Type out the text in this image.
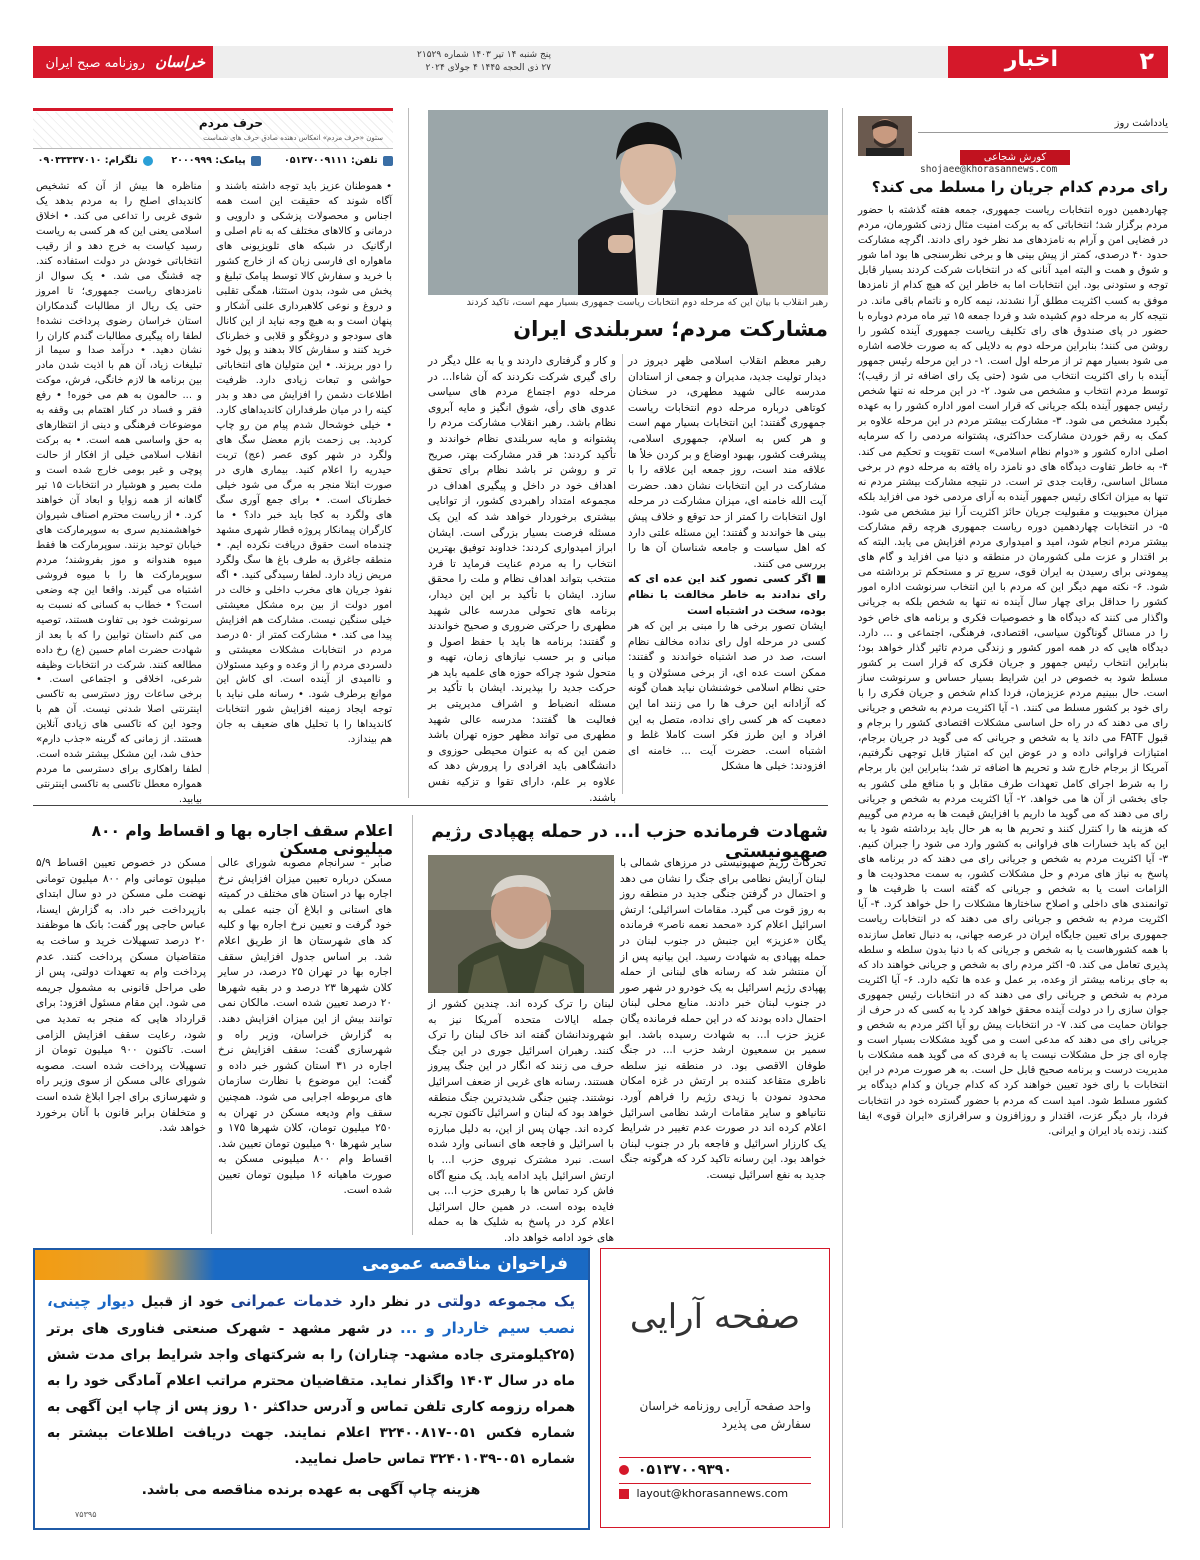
خراسان روزنامه صبح ایران
پنج شنبه ۱۴ تیر ۱۴۰۳ شماره ۲۱۵۲۹
۲۷ ذی الحجه ۱۴۴۵ ۴ جولای ۲۰۲۴	۲
اخبار
یادداشت روز
کورش شجاعی
shojaee@khorasannews.com
رای مردم کدام جریان را مسلط می کند؟
چهاردهمین دوره انتخابات ریاست جمهوری، جمعه هفته گذشته با حضور مردم برگزار شد؛ انتخاباتی که به برکت امنیت مثال زدنی کشورمان، مردم در فضایی امن و آرام به نامزدهای مد نظر خود رای دادند. اگرچه مشارکت حدود ۴۰ درصدی، کمتر از پیش بینی ها و برخی نظرسنجی ها بود اما شور و شوق و همت و البته امید آنانی که در انتخابات شرکت کردند بسیار قابل توجه و ستودنی بود. این انتخابات اما به خاطر این که هیچ کدام از نامزدها موفق به کسب اکثریت مطلق آرا نشدند، نیمه کاره و ناتمام باقی ماند. در نتیجه کار به مرحله دوم کشیده شد و فردا جمعه ۱۵ تیر ماه مردم دوباره با حضور در پای صندوق های رای تکلیف ریاست جمهوری آینده کشور را روشن می کنند؛ بنابراین مرحله دوم به دلایلی که به صورت خلاصه اشاره می شود بسیار مهم تر از مرحله اول است. ۱- در این مرحله رئیس جمهور آینده با رای اکثریت انتخاب می شود (حتی یک رای اضافه تر از رقیب)؛ توسط مردم انتخاب و مشخص می شود. ۲- در این مرحله نه تنها شخص رئیس جمهور آینده بلکه جریانی که قرار است امور اداره کشور را به عهده بگیرد مشخص می شود. ۳- مشارکت بیشتر مردم در این مرحله علاوه بر کمک به رقم خوردن مشارکت حداکثری، پشتوانه مردمی را که سرمایه اصلی اداره کشور و «دوام نظام اسلامی» است تقویت و تحکیم می کند. ۴- به خاطر تفاوت دیدگاه های دو نامزد راه یافته به مرحله دوم در برخی مسائل اساسی، رقابت جدی تر است. در نتیجه مشارکت بیشتر مردم نه تنها به میزان اتکای رئیس جمهور آینده به آرای مردمی خود می افزاید بلکه میزان محبوبیت و مقبولیت جریان حائز اکثریت آرا نیز مشخص می شود. ۵- در انتخابات چهاردهمین دوره ریاست جمهوری هرچه رقم مشارکت بیشتر مردم انجام شود، امید و امیدواری مردم افزایش می یابد. البته که بر اقتدار و عزت ملی کشورمان در منطقه و دنیا می افزاید و گام های پیمودنی برای رسیدن به ایران قوی، سریع تر و مستحکم تر برداشته می شود. ۶- نکته مهم دیگر این که مردم با این انتخاب سرنوشت اداره امور کشور را حداقل برای چهار سال آینده نه تنها به شخص بلکه به جریانی واگذار می کنند که دیدگاه ها و خصوصیات فکری و برنامه های خاص خود را در مسائل گوناگون سیاسی، اقتصادی، فرهنگی، اجتماعی و ... دارد. دیدگاه هایی که در همه امور کشور و زندگی مردم تاثیر گذار خواهد بود؛ بنابراین انتخاب رئیس جمهور و جریان فکری که قرار است بر کشور مسلط شود به خصوص در این شرایط بسیار حساس و سرنوشت ساز است. حال ببینیم مردم عزیزمان، فردا کدام شخص و جریان فکری را با رای خود بر کشور مسلط می کنند. ۱- آیا اکثریت مردم به شخص و جریانی رای می دهند که در راه حل اساسی مشکلات اقتصادی کشور را برجام و قبول FATF می داند یا به شخص و جریانی که می گوید در جریان برجام، امتیازات فراوانی داده و در عوض این که امتیاز قابل توجهی نگرفتیم، آمریکا از برجام خارج شد و تحریم ها اضافه تر شد؛ بنابراین این بار برجام را به شرط اجرای کامل تعهدات طرف مقابل و با منافع ملی کشور به جای بخشی از آن ها می خواهد. ۲- آیا اکثریت مردم به شخص و جریانی رای می دهند که می گوید ما داریم با افزایش قیمت ها به مردم می گوییم که هزینه ها را کنترل کنند و تحریم ها به هر حال باید برداشته شود یا به این که باید خسارات های فراوانی به کشور وارد می شود را جبران کنیم. ۳- آیا اکثریت مردم به شخص و جریانی رای می دهند که در برنامه های پاسخ به نیاز های مردم و حل مشکلات کشور، به سمت محدودیت ها و الزامات است یا به شخص و جریانی که گفته است با ظرفیت ها و توانمندی های داخلی و اصلاح ساختارها مشکلات را حل خواهد کرد. ۴- آیا اکثریت مردم به شخص و جریانی رای می دهند که در انتخابات ریاست جمهوری برای تعیین جایگاه ایران در عرصه جهانی، به دنبال تعامل سازنده با همه کشورهاست یا به شخص و جریانی که با دنیا بدون سلطه و سلطه پذیری تعامل می کند. ۵- اکثر مردم رای به شخص و جریانی خواهند داد که به جای برنامه بیشتر از وعده، بر عمل و عده ها تکیه دارد. ۶- آیا اکثریت مردم به شخص و جریانی رای می دهند که در انتخابات رئیس جمهوری جوان سازی را در دولت آینده محقق خواهد کرد یا به کسی که در حرف از جوانان حمایت می کند. ۷- در انتخابات پیش رو آیا اکثر مردم به شخص و جریانی رای می دهند که مدعی است و می گوید مشکلات بسیار است و چاره ای جز حل مشکلات نیست یا به فردی که می گوید همه مشکلات با مدیریت درست و برنامه صحیح قابل حل است. به هر صورت مردم در این انتخابات با رای خود تعیین خواهند کرد که کدام جریان و کدام دیدگاه بر کشور مسلط شود. امید است که مردم با حضور گسترده خود در انتخابات فردا، بار دیگر عزت، اقتدار و روزافزون و سرافرازی «ایران قوی» ایفا کنند. زنده باد ایران و ایرانی.
حرف مردم
ستون «حرف مردم» انعکاس دهنده صادق حرف های شماست
تلفن: ۰۵۱۳۷۰۰۹۱۱۱
پیامک: ۲۰۰۰۹۹۹
تلگرام: ۰۹۰۳۳۳۳۷۰۱۰
• هموطنان عزیز باید توجه داشته باشند و آگاه شوند که حقیقت این است همه اجناس و محصولات پزشکی و دارویی و درمانی و کالاهای مختلف که به نام اصلی و ارگانیک در شبکه های تلویزیونی های ماهواره ای فارسی زبان که از خارج کشور با خرید و سفارش کالا توسط پیامک تبلیغ و پخش می شود، بدون استثنا، همگی تقلبی و دروغ و نوعی کلاهبرداری علنی آشکار و پنهان است و به هیچ وجه نباید از این کانال های سودجو و دروغگو و قلابی و خطرناک خرید کنند و سفارش کالا بدهند و پول خود را دور بریزند. • این متولیان های انتخاباتی حواشی و تبعات زیادی دارد. ظرفیت اطلاعات دشمن را افزایش می دهد و بدر کینه را در میان طرفداران کاندیداهای کارد. • خیلی خوشحال شدم پیام من رو چاپ کردید. بی زحمت بازم معضل سگ های ولگرد در شهر کوی عصر (عج) تربت حیدریه را اعلام کنید. بیماری هاری در صورت ابتلا منجر به مرگ می شود خیلی خطرناک است. • برای جمع آوری سگ های ولگرد به کجا باید خبر داد؟ • ما کارگران پیمانکار پروژه قطار شهری مشهد چندماه است حقوق دریافت نکرده ایم. • منطقه جاغرق به طرف باغ ها سگ ولگرد مریض زیاد دارد. لطفا رسیدگی کنید. • اگه نفوذ جریان های مخرب داخلی و خالت در امور دولت از بین بره مشکل معیشتی خیلی سنگین نیست. مشارکت هم افزایش پیدا می کند. • مشارکت کمتر از ۵۰ درصد مردم در انتخابات مشکلات معیشتی و دلسردی مردم را از وعده و وعید مسئولان و ناامیدی از آینده است. ای کاش این موانع برطرف شود. • رسانه ملی نباید با توجه ایجاد زمینه افزایش شور انتخابات کاندیداها را با تحلیل های ضعیف به جان هم بیندازد.
مناظره ها بیش از آن که تشخیص کاندیدای اصلح را به مردم بدهد یک شوی غربی را تداعی می کند. • اخلاق اسلامی یعنی این که هر کسی به ریاست رسید کیاست به خرج دهد و از رقیب انتخاباتی خودش در دولت استفاده کند. چه قشنگ می شد. • یک سوال از نامزدهای ریاست جمهوری؛ تا امروز حتی یک ریال از مطالبات گندمکاران استان خراسان رضوی پرداخت نشده! لطفا راه پیگیری مطالبات گندم کاران را نشان دهید. • درآمد صدا و سیما از تبلیغات زیاد، آن هم با اذیت شدن مادر بین برنامه ها لازم خانگی، فرش، موکت و ... حالمون به هم می خوره! • رفع فقر و فساد در کنار اهتمام بی وقفه به موضوعات فرهنگی و دینی از انتظارهای به حق واساسی همه است. • به برکت انقلاب اسلامی خیلی از افکار از حالت پوچی و غیر بومی خارج شده است و ملت بصیر و هوشیار در انتخابات ۱۵ تیر گاهانه از همه زوایا و ابعاد آن خواهند کرد. • از ریاست محترم اصناف شیروان خواهشمندیم سری به سوپرمارکت های خیابان توحید بزنند. سوپرمارکت ها فقط میوه هندوانه و موز بفروشند؛ مردم سوپرمارکت ها را با میوه فروشی اشتباه می گیرند. واقعا این چه وضعی است؟ • خطاب به کسانی که نسبت به سرنوشت خود بی تفاوت هستند، توصیه می کنم داستان توابین را که با بعد از شهادت حضرت امام حسین (ع) رخ داده مطالعه کنند. شرکت در انتخابات وظیفه شرعی، اخلاقی و اجتماعی است. • برخی ساعات روز دسترسی به تاکسی اینترنتی اصلا شدنی نیست. آن هم با وجود این که تاکسی های زیادی آنلاین هستند. از زمانی که گرینه «جذب دارم» حذف شد، این مشکل بیشتر شده است. لطفا راهکاری برای دسترسی ما مردم همواره معطل تاکسی به تاکسی اینترنتی بیابید.
رهبر انقلاب با بیان این که مرحله دوم انتخابات ریاست جمهوری بسیار مهم است، تاکید کردند
مشارکت مردم؛ سربلندی ایران
رهبر معظم انقلاب اسلامی ظهر دیروز در دیدار تولیت جدید، مدیران و جمعی از استادان مدرسه عالی شهید مطهری، در سخنان کوتاهی درباره مرحله دوم انتخابات ریاست جمهوری گفتند: این انتخابات بسیار مهم است و هر کس به اسلام، جمهوری اسلامی، پیشرفت کشور، بهبود اوضاع و بر کردن خلأ ها علاقه مند است، روز جمعه این علاقه را با مشارکت در این انتخابات نشان دهد. حضرت آیت الله خامنه ای، میزان مشارکت در مرحله اول انتخابات را کمتر از حد توقع و خلاف پیش بینی ها خواندند و گفتند: این مسئله علتی دارد که اهل سیاست و جامعه شناسان آن ها را بررسی می کنند.
■ اگر کسی تصور کند این عده ای که رای ندادند به خاطر مخالفت با نظام بوده، سخت در اشتباه است
ایشان تصور برخی ها را مبنی بر این که هر کسی در مرحله اول رای نداده مخالف نظام است، صد در صد اشتباه خواندند و گفتند: ممکن است عده ای، از برخی مسئولان و یا حتی نظام اسلامی خوشنشان نیاید همان گونه که آزادانه این حرف ها را می زنند اما این دمعیت که هر کسی رای نداده، متصل به این افراد و این طرز فکر است کاملا غلط و اشتباه است. حضرت آیت ... خامنه ای افزودند: خیلی ها مشکل
و کار و گرفتاری داردند و یا به علل دیگر در رای گیری شرکت نکردند که آن شاءا... در مرحله دوم اجتماع مردم های سیاسی عدوی های رأی، شوق انگیز و مایه آبروی نظام باشد. رهبر انقلاب مشارکت مردم را پشتوانه و مایه سربلندی نظام خواندند و تأکید کردند: هر قدر مشارکت بهتر، صریح تر و روشن تر باشد نظام برای تحقق اهداف خود در داخل و پیگیری اهداف در مجموعه امتداد راهبردی کشور، از توانایی بیشتری برخوردار خواهد شد که این یک مسئله فرصت بسیار بزرگی است. ایشان ابراز امیدواری کردند: خداوند توفیق بهترین انتخاب را به مردم عنایت فرماید تا فرد منتخب بتواند اهداف نظام و ملت را محقق سازد. ایشان با تأکید بر این این دیدار، برنامه های تحولی مدرسه عالی شهید مطهری را حرکتی ضروری و صحیح خواندند و گفتند: برنامه ها باید با حفظ اصول و مبانی و بر حسب نیازهای زمان، تهیه و متحول شود چراکه حوزه های علمیه باید هر حرکت جدید را بپذیرند. ایشان با تأکید بر مسئله انضباط و اشراف مدیریتی بر فعالیت ها گفتند: مدرسه عالی شهید مطهری می تواند مظهر حوزه تهران باشد ضمن این که به عنوان محیطی حوزوی و دانشگاهی باید افرادی را پرورش دهد که علاوه بر علم، دارای تقوا و تزکیه نفس باشند.
شهادت فرمانده حزب ا... در حمله پهپادی رژیم صهیونیستی
تحرکات رژیم صهیونیستی در مرزهای شمالی با لبنان آرایش نظامی برای جنگ را نشان می دهد و احتمال در گرفتن جنگی جدید در منطقه روز به روز قوت می گیرد. مقامات اسرائیلی؛ ارتش اسرائیل اعلام کرد «محمد نعمه ناصر» فرمانده یگان «عزیز» این جنبش در جنوب لبنان در حمله پهپادی به شهادت رسید. این بیانیه پس از آن منتشر شد که رسانه های لبنانی از حمله پهپادی رژیم اسرائیل به یک خودرو در شهر صور در جنوب لبنان خبر دادند. منابع محلی لبنان احتمال داده بودند که در این حمله فرمانده یگان عزیز حزب ا... به شهادت رسیده باشد. ابو سمیر بن سمعیون ارشد حزب ا... در جنگ طوفان الاقصی بود. در منطقه نیز سلطه ناظری متقاعد کننده بر ارتش در غزه امکان محدود نمودن با زیدی رژیم را فراهم آورد. نتانیاهو و سایر مقامات ارشد نظامی اسرائیل اعلام کرده اند در صورت عدم تغییر در شرایط یک کارزار اسرائیل و فاجعه بار در جنوب لبنان خواهد بود. این رسانه تاکید کرد که هرگونه جنگ جدید به نفع اسرائیل نیست.
لبنان را ترک کرده اند. چندین کشور از جمله ایالات متحده آمریکا نیز به شهروندانشان گفته اند خاک لبنان را ترک کنند. رهبران اسرائیل جوری در این جنگ حرف می زنند که انگار در این جنگ پیروز هستند. رسانه های غربی از ضعف اسرائیل نوشتند. چنین جنگی شدیدترین جنگ منطقه خواهد بود که لبنان و اسرائیل تاکنون تجربه کرده اند. جهان پس از این، به دلیل مبارزه با اسرائیل و فاجعه های انسانی وارد شده است. نبرد مشترک نیروی حزب ا... با ارتش اسرائیل باید ادامه یابد. یک منبع آگاه فاش کرد تماس ها با رهبری حزب ا... بی فایده بوده است. در همین حال اسرائیل اعلام کرد در پاسخ به شلیک ها به حمله های خود ادامه خواهد داد.
اعلام سقف اجاره بها و اقساط وام ۸۰۰ میلیونی مسکن
صابر - سرانجام مصوبه شورای عالی مسکن درباره تعیین میزان افزایش نرخ اجاره بها در استان های مختلف در کمیته های استانی و ابلاغ آن جنبه عملی به خود گرفت و تعیین نرخ اجاره بها و کلیه کد های شهرستان ها از طریق اعلام شد. بر اساس جدول افزایش سقف اجاره بها در تهران ۲۵ درصد، در سایر کلان شهرها ۲۳ درصد و در بقیه شهرها ۲۰ درصد تعیین شده است. مالکان نمی توانند بیش از این میزان افزایش دهند. به گزارش خراسان، وزیر راه و شهرسازی گفت: سقف افزایش نرخ اجاره در ۳۱ استان کشور خبر داده و گفت: این موضوع با نظارت سازمان های مربوطه اجرایی می شود. همچنین سقف وام ودیعه مسکن در تهران به ۲۵۰ میلیون تومان، کلان شهرها ۱۷۵ و سایر شهرها ۹۰ میلیون تومان تعیین شد. اقساط وام ۸۰۰ میلیونی مسکن به صورت ماهیانه ۱۶ میلیون تومان تعیین شده است.
مسکن در خصوص تعیین اقساط ۵/۹ میلیون تومانی وام ۸۰۰ میلیون تومانی نهضت ملی مسکن در دو سال ابتدای بازپرداخت خبر داد. به گزارش ایسنا، عباس حاجی پور گفت: بانک ها موظفند ۲۰ درصد تسهیلات خرید و ساخت به متقاضیان مسکن پرداخت کنند. عدم پرداخت وام به تعهدات دولتی، پس از طی مراحل قانونی به مشمول جریمه می شود. این مقام مسئول افزود: برای قرارداد هایی که منجر به تمدید می شود، رعایت سقف افزایش الزامی است. تاکنون ۹۰۰ میلیون تومان از تسهیلات پرداخت شده است. مصوبه شورای عالی مسکن از سوی وزیر راه و شهرسازی برای اجرا ابلاغ شده است و متخلفان برابر قانون با آنان برخورد خواهد شد.
صفحه آرایی
واحد صفحه آرایی روزنامه خراسان سفارش می پذیرد
۰۵۱۳۷۰۰۹۳۹۰
layout@khorasannews.com
فراخوان مناقصه عمومی
یک مجموعه دولتی در نظر دارد خدمات عمرانی خود از قبیل دیوار چینی، نصب سیم خاردار و ... در شهر مشهد - شهرک صنعتی فناوری های برتر (۲۵کیلومتری جاده مشهد- چناران) را به شرکتهای واجد شرایط برای مدت شش ماه در سال ۱۴۰۳ واگذار نماید. متقاضیان محترم مراتب اعلام آمادگی خود را به همراه رزومه کاری تلفن تماس و آدرس حداکثر ۱۰ روز پس از چاپ این آگهی به شماره فکس ۰۵۱-۳۲۴۰۰۸۱۷ اعلام نمایند. جهت دریافت اطلاعات بیشتر به شماره ۰۵۱-۳۲۴۰۱۰۳۹ تماس حاصل نمایید.
هزینه چاپ آگهی به عهده برنده مناقصه می باشد.
۷۵۳۹۵
